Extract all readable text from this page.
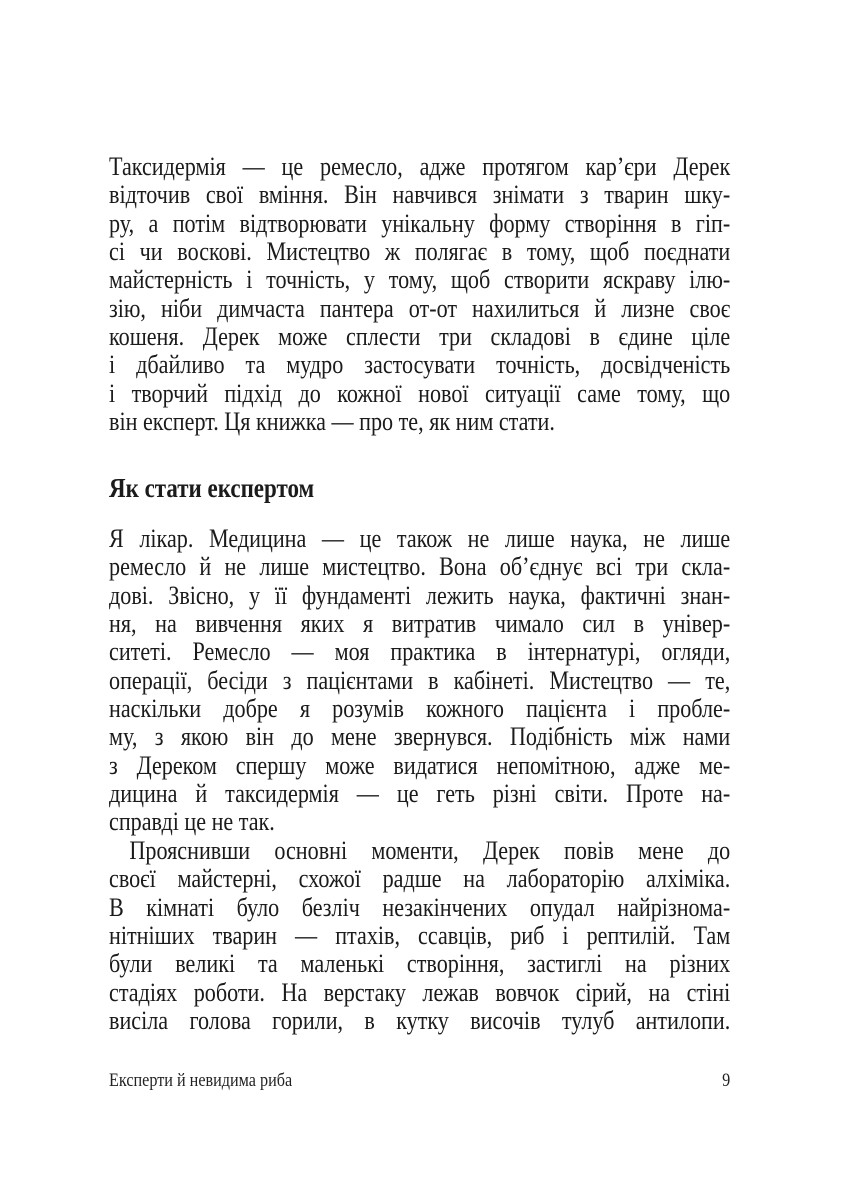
Таксидермія — це ремесло, адже протягом кар’єри Дерек
відточив свої вміння. Він навчився знімати з тварин шку-
ру, а потім відтворювати унікальну форму створіння в гіп-
сі чи воскові. Мистецтво ж полягає в тому, щоб поєднати
майстерність і точність, у тому, щоб створити яскраву ілю-
зію, ніби димчаста пантера от-от нахилиться й лизне своє
кошеня. Дерек може сплести три складові в єдине ціле
і дбайливо та мудро застосувати точність, досвідченість
і творчий підхід до кожної нової ситуації саме тому, що
він експерт. Ця книжка — про те, як ним стати.
Як стати експертом
Я лікар. Медицина — це також не лише наука, не лише
ремесло й не лише мистецтво. Вона об’єднує всі три скла-
дові. Звісно, у її фундаменті лежить наука, фактичні знан-
ня, на вивчення яких я витратив чимало сил в універ-
ситеті. Ремесло — моя практика в інтернатурі, огляди,
операції, бесіди з пацієнтами в кабінеті. Мистецтво — те,
наскільки добре я розумів кожного пацієнта і пробле-
му, з якою він до мене звернувся. Подібність між нами
з Дереком спершу може видатися непомітною, адже ме-
дицина й таксидермія — це геть різні світи. Проте на-
справді це не так.
Прояснивши основні моменти, Дерек повів мене до
своєї майстерні, схожої радше на лабораторію алхіміка.
В кімнаті було безліч незакінчених опудал найрізнома-
нітніших тварин — птахів, ссавців, риб і рептилій. Там
були великі та маленькі створіння, застиглі на різних
стадіях роботи. На верстаку лежав вовчок сірий, на стіні
висіла голова горили, в кутку височів тулуб антилопи.
Експерти й невидима риба	9
